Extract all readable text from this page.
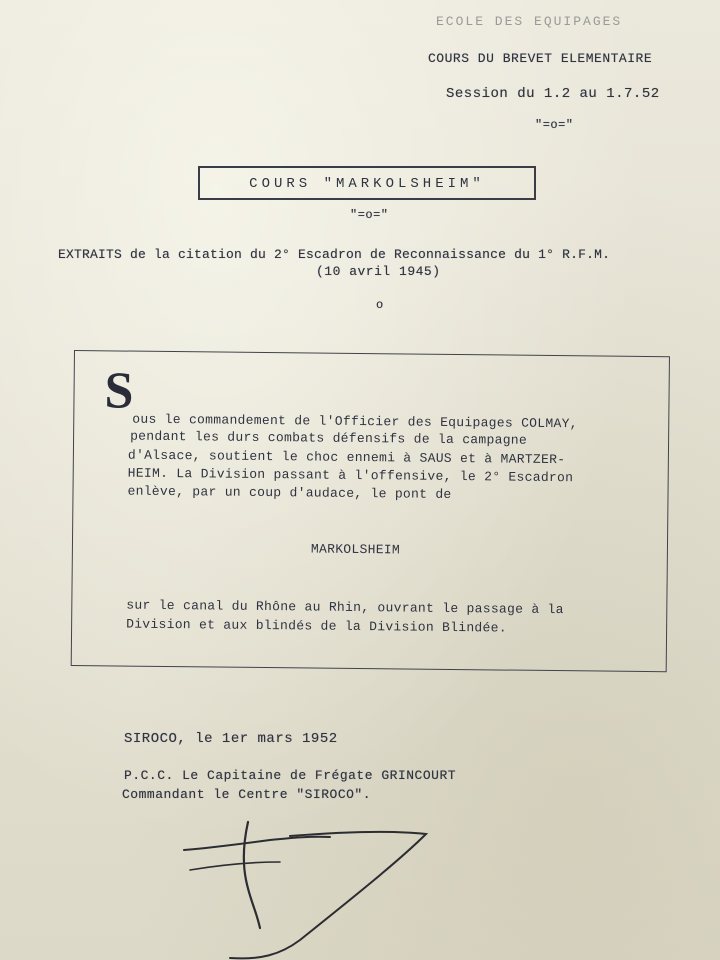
ECOLE DES EQUIPAGES
COURS DU BREVET ELEMENTAIRE
Session du 1.2 au 1.7.52
"=o="
COURS "MARKOLSHEIM"
"=o="
EXTRAITS de la citation du 2° Escadron de Reconnaissance du 1° R.F.M.
(10 avril 1945)
o
S
ous le commandement de l'Officier des Equipages COLMAY,
pendant les durs combats défensifs de la campagne
d'Alsace, soutient le choc ennemi à SAUS et à MARTZER-
HEIM. La Division passant à l'offensive, le 2° Escadron
enlève, par un coup d'audace, le pont de
MARKOLSHEIM
sur le canal du Rhône au Rhin, ouvrant le passage à la
Division et aux blindés de la Division Blindée.
SIROCO, le 1er mars 1952
P.C.C. Le Capitaine de Frégate GRINCOURT
Commandant le Centre "SIROCO".
